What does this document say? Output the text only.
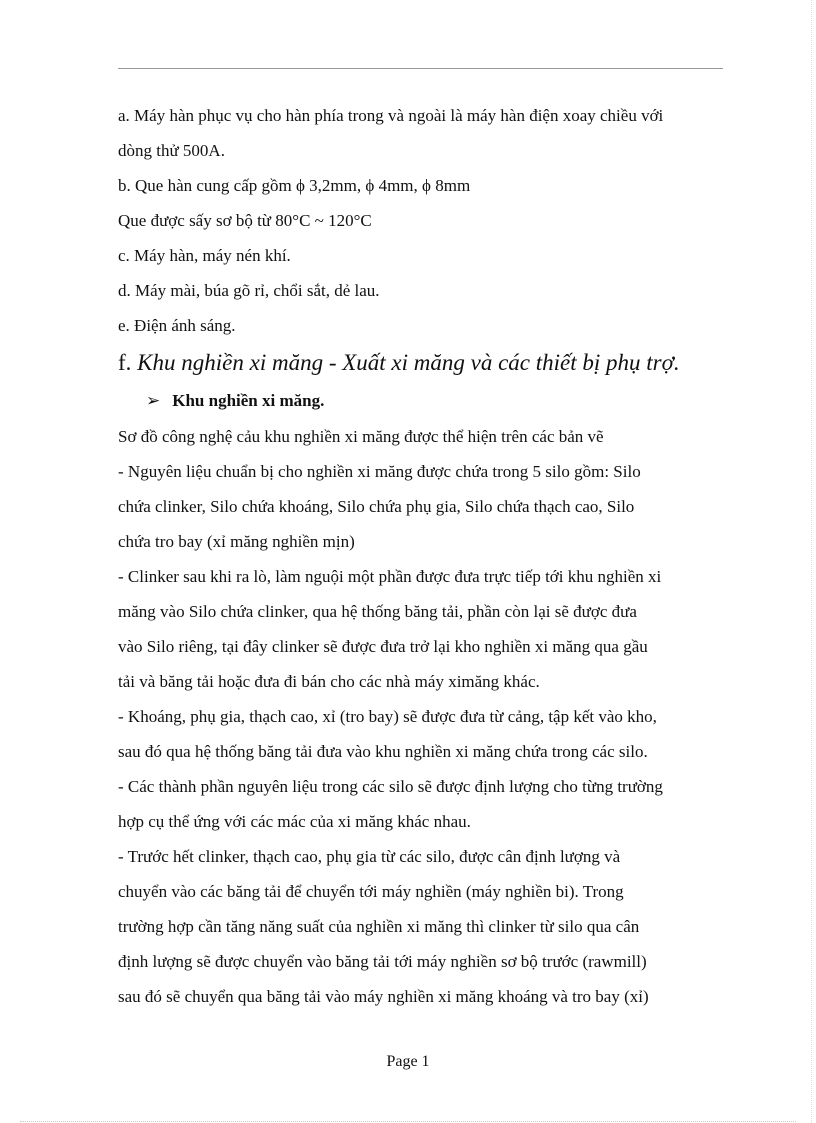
a. Máy hàn phục vụ cho hàn phía trong và ngoài là máy hàn điện xoay chiều với

dòng thử 500A.

b. Que hàn cung cấp gồm ϕ 3,2mm, ϕ 4mm, ϕ 8mm

Que được sấy sơ bộ từ 80°C ~ 120°C

c. Máy hàn, máy nén khí.

d. Máy mài, búa gõ rỉ, chổi sắt, dẻ lau.

e. Điện ánh sáng.

f. Khu nghiền xi măng - Xuất xi măng và các thiết bị phụ trợ.

➢ Khu nghiền xi măng.

Sơ đồ công nghệ cảu khu nghiền xi măng được thể hiện trên các bản vẽ

- Nguyên liệu chuẩn bị cho nghiền xi măng được chứa trong 5 silo gồm: Silo

chứa clinker, Silo chứa khoáng, Silo chứa phụ gia, Silo chứa thạch cao, Silo

chứa tro bay (xỉ măng nghiền mịn)

- Clinker sau khi ra lò, làm nguội một phần được đưa trực tiếp tới khu nghiền xi

măng vào Silo chứa clinker, qua hệ thống băng tải, phần còn lại sẽ được đưa

vào Silo riêng, tại đây clinker sẽ được đưa trở lại kho nghiền xi măng qua gầu

tải và băng tải hoặc đưa đi bán cho các nhà máy ximăng khác.

- Khoáng, phụ gia, thạch cao, xỉ (tro bay) sẽ được đưa từ cảng, tập kết vào kho,

sau đó qua hệ thống băng tải đưa vào khu nghiền xi măng chứa trong các silo.

- Các thành phần nguyên liệu trong các silo sẽ được định lượng cho từng trường

hợp cụ thể ứng với các mác của xi măng khác nhau.

- Trước hết clinker, thạch cao, phụ gia từ các silo, được cân định lượng và

chuyển vào các băng tải để chuyển tới máy nghiền (máy nghiền bi). Trong

trường hợp cần tăng năng suất của nghiền xi măng thì clinker từ silo qua cân

định lượng sẽ được chuyển vào băng tải tới máy nghiền sơ bộ trước (rawmill)

sau đó sẽ chuyển qua băng tải vào máy nghiền xi măng khoáng và tro bay (xỉ)

Page 1
